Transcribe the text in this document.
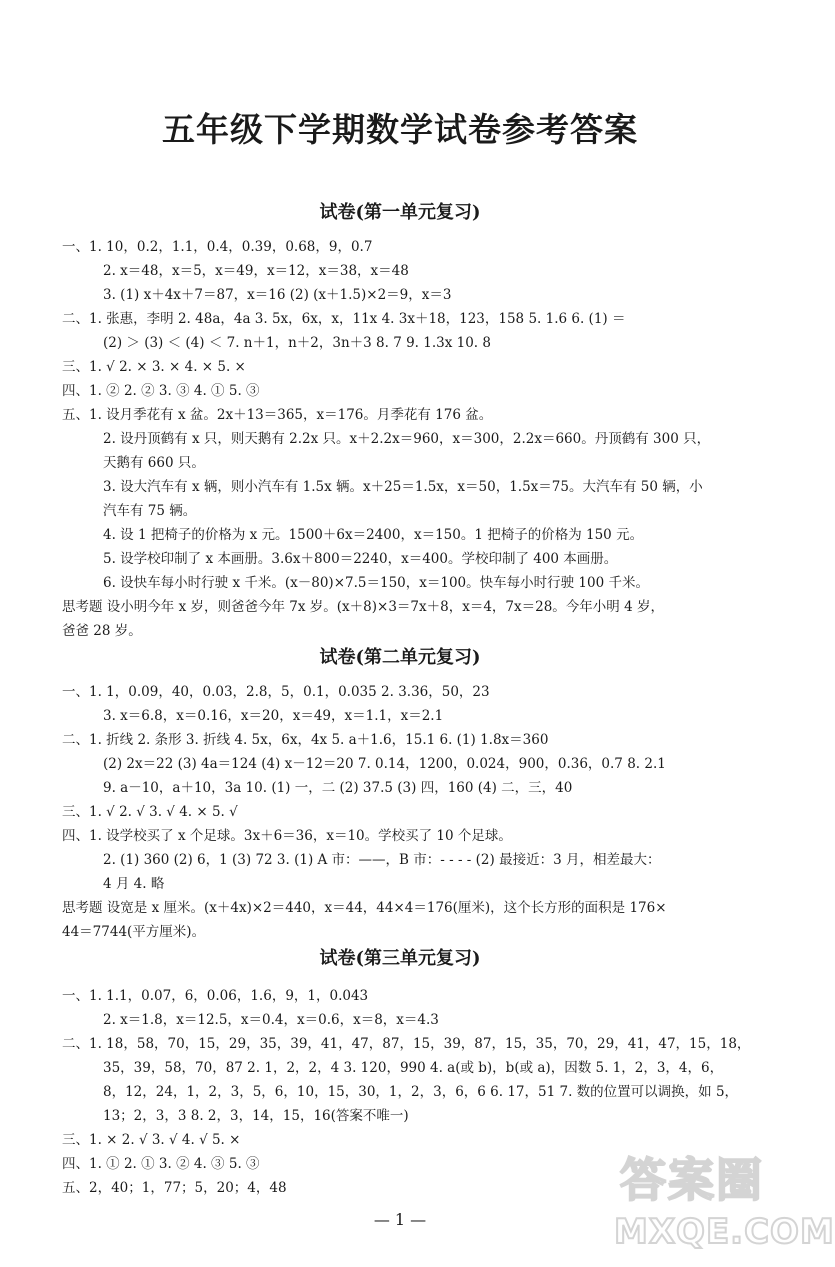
五年级下学期数学试卷参考答案
试卷(第一单元复习)
一、1. 10，0.2，1.1，0.4，0.39，0.68，9，0.7
2. x＝48，x＝5，x＝49，x＝12，x＝38，x＝48
3. (1) x＋4x＋7＝87，x＝16 (2) (x＋1.5)×2＝9，x＝3
二、1. 张惠，李明 2. 48a，4a 3. 5x，6x，x，11x 4. 3x＋18，123，158 5. 1.6 6. (1) ＝
(2) ＞ (3) ＜ (4) ＜ 7. n＋1，n＋2，3n＋3 8. 7 9. 1.3x 10. 8
三、1. √ 2. × 3. × 4. × 5. ×
四、1. ② 2. ② 3. ③ 4. ① 5. ③
五、1. 设月季花有 x 盆。2x＋13＝365，x＝176。月季花有 176 盆。
2. 设丹顶鹤有 x 只，则天鹅有 2.2x 只。x＋2.2x＝960，x＝300，2.2x＝660。丹顶鹤有 300 只，
天鹅有 660 只。
3. 设大汽车有 x 辆，则小汽车有 1.5x 辆。x＋25＝1.5x，x＝50，1.5x＝75。大汽车有 50 辆，小
汽车有 75 辆。
4. 设 1 把椅子的价格为 x 元。1500＋6x＝2400，x＝150。1 把椅子的价格为 150 元。
5. 设学校印制了 x 本画册。3.6x＋800＝2240，x＝400。学校印制了 400 本画册。
6. 设快车每小时行驶 x 千米。(x－80)×7.5＝150，x＝100。快车每小时行驶 100 千米。
思考题 设小明今年 x 岁，则爸爸今年 7x 岁。(x＋8)×3＝7x＋8，x＝4，7x＝28。今年小明 4 岁，
爸爸 28 岁。
试卷(第二单元复习)
一、1. 1，0.09，40，0.03，2.8，5，0.1，0.035 2. 3.36，50，23
3. x＝6.8，x＝0.16，x＝20，x＝49，x＝1.1，x＝2.1
二、1. 折线 2. 条形 3. 折线 4. 5x，6x，4x 5. a＋1.6，15.1 6. (1) 1.8x＝360
(2) 2x＝22 (3) 4a＝124 (4) x－12＝20 7. 0.14，1200，0.024，900，0.36，0.7 8. 2.1
9. a－10，a＋10，3a 10. (1) 一，二 (2) 37.5 (3) 四，160 (4) 二，三，40
三、1. √ 2. √ 3. √ 4. × 5. √
四、1. 设学校买了 x 个足球。3x＋6＝36，x＝10。学校买了 10 个足球。
2. (1) 360 (2) 6，1 (3) 72 3. (1) A 市：——，B 市：- - - - (2) 最接近：3 月，相差最大：
4 月 4. 略
思考题 设宽是 x 厘米。(x＋4x)×2＝440，x＝44，44×4＝176(厘米)，这个长方形的面积是 176×
44＝7744(平方厘米)。
试卷(第三单元复习)
一、1. 1.1，0.07，6，0.06，1.6，9，1，0.043
2. x＝1.8，x＝12.5，x＝0.4，x＝0.6，x＝8，x＝4.3
二、1. 18，58，70，15，29，35，39，41，47，87，15，39，87，15，35，70，29，41，47，15，18，
35，39，58，70，87 2. 1，2，2，4 3. 120，990 4. a(或 b)，b(或 a)，因数 5. 1，2，3，4，6，
8，12，24，1，2，3，5，6，10，15，30，1，2，3，6，6 6. 17，51 7. 数的位置可以调换，如 5，
13；2，3，3 8. 2，3，14，15，16(答案不唯一)
三、1. × 2. √ 3. √ 4. √ 5. ×
四、1. ① 2. ① 3. ② 4. ③ 5. ③
五、2，40；1，77；5，20；4，48
— 1 —
答案圈
MXQE.COM
